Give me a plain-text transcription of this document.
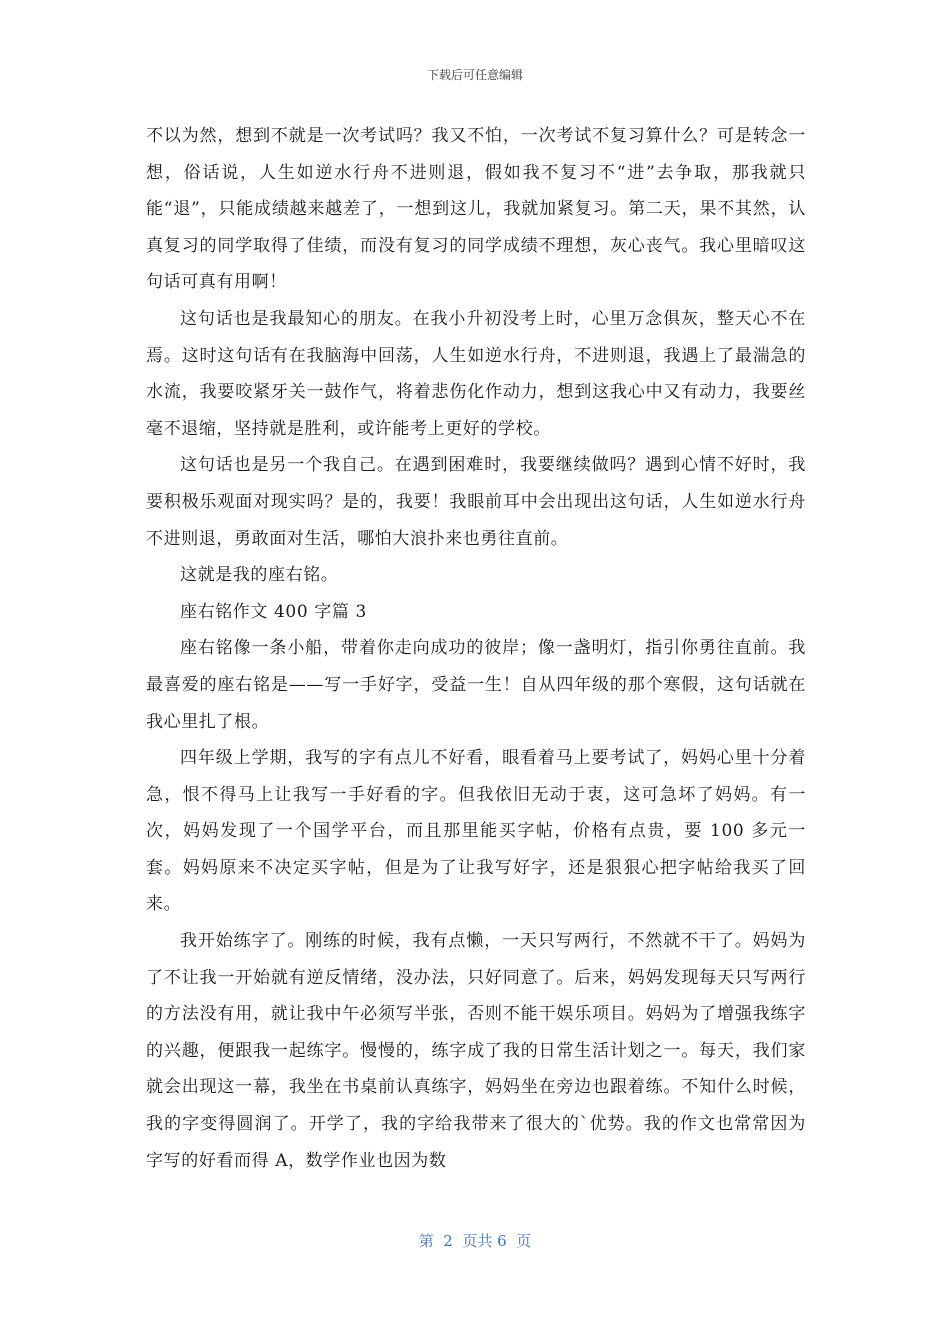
下载后可任意编辑

不以为然，想到不就是一次考试吗？我又不怕，一次考试不复习算什么？可是转念一想，俗话说，人生如逆水行舟不进则退，假如我不复习不“进”去争取，那我就只能“退”，只能成绩越来越差了，一想到这儿，我就加紧复习。第二天，果不其然，认真复习的同学取得了佳绩，而没有复习的同学成绩不理想，灰心丧气。我心里暗叹这句话可真有用啊！

这句话也是我最知心的朋友。在我小升初没考上时，心里万念俱灰，整天心不在焉。这时这句话有在我脑海中回荡，人生如逆水行舟，不进则退，我遇上了最湍急的水流，我要咬紧牙关一鼓作气，将着悲伤化作动力，想到这我心中又有动力，我要丝毫不退缩，坚持就是胜利，或许能考上更好的学校。

这句话也是另一个我自己。在遇到困难时，我要继续做吗？遇到心情不好时，我要积极乐观面对现实吗？是的，我要！我眼前耳中会出现出这句话，人生如逆水行舟不进则退，勇敢面对生活，哪怕大浪扑来也勇往直前。

这就是我的座右铭。

座右铭作文 400 字篇 3

座右铭像一条小船，带着你走向成功的彼岸；像一盏明灯，指引你勇往直前。我最喜爱的座右铭是——写一手好字，受益一生！自从四年级的那个寒假，这句话就在我心里扎了根。

四年级上学期，我写的字有点儿不好看，眼看着马上要考试了，妈妈心里十分着急，恨不得马上让我写一手好看的字。但我依旧无动于衷，这可急坏了妈妈。有一次，妈妈发现了一个国学平台，而且那里能买字帖，价格有点贵，要 100 多元一套。妈妈原来不决定买字帖，但是为了让我写好字，还是狠狠心把字帖给我买了回来。

我开始练字了。刚练的时候，我有点懒，一天只写两行，不然就不干了。妈妈为了不让我一开始就有逆反情绪，没办法，只好同意了。后来，妈妈发现每天只写两行的方法没有用，就让我中午必须写半张，否则不能干娱乐项目。妈妈为了增强我练字的兴趣，便跟我一起练字。慢慢的，练字成了我的日常生活计划之一。每天，我们家就会出现这一幕，我坐在书桌前认真练字，妈妈坐在旁边也跟着练。不知什么时候，我的字变得圆润了。开学了，我的字给我带来了很大的`优势。我的作文也常常因为字写的好看而得 A，数学作业也因为数

第  2  页共 6  页
